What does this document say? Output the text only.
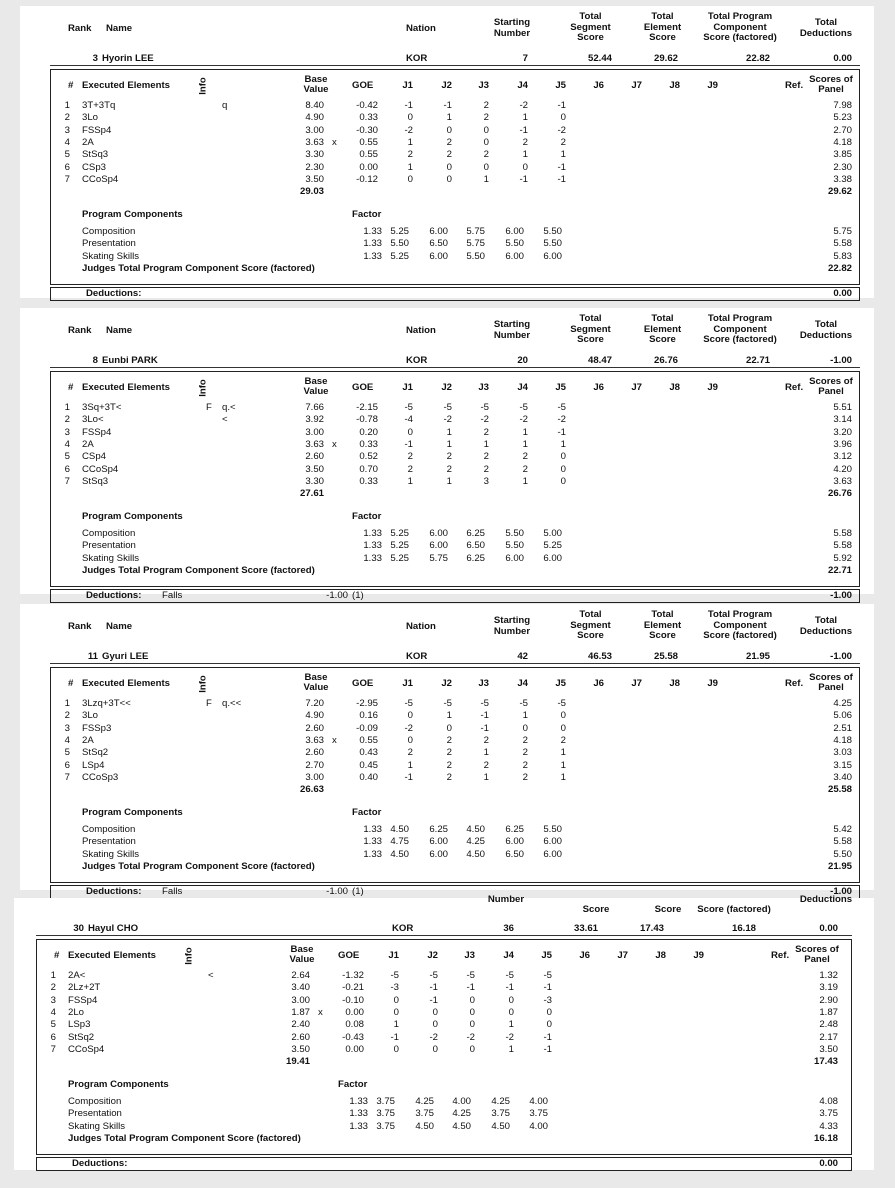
Rank Name	Nation
Starting
Number
Total
Segment
Score
Total
Element
Score
Total Program
Component
Score (factored)
Total
Deductions
3 Hyorin LEE	KOR	7	52.44	29.62	22.82	0.00
# Executed Elements	Info	Base
Value	GOE	J1	J2	J3	J4	J5	J6	J7	J8	J9	Ref.
Scores of
Panel
1 3T+3Tq	q	8.40	-0.42	-1	-1	2	-2	-1	7.98
2 3Lo	4.90	0.33	0	1	2	1	0	5.23
3 FSSp4	3.00	-0.30	-2	0	0	-1	-2	2.70
4 2A	3.63 x	0.55	1	2	0	2	2	4.18
5 StSq3	3.30	0.55	2	2	2	1	1	3.85
6 CSp3	2.30	0.00	1	0	0	0	-1	2.30
7 CCoSp4	3.50	-0.12	0	0	1	-1	-1	3.38
29.03	29.62
Program Components	Factor
Composition	1.33 5.25	6.00	5.75	6.00	5.50	5.75
Presentation	1.33 5.50	6.50	5.75	5.50	5.50	5.58
Skating Skills	1.33 5.25	6.00	5.50	6.00	6.00	5.83
Judges Total Program Component Score (factored)	22.82
Deductions:	0.00
Rank Name	Nation
Starting
Number
Total
Segment
Score
Total
Element
Score
Total Program
Component
Score (factored)
Total
Deductions
8 Eunbi PARK	KOR	20	48.47	26.76	22.71	-1.00
# Executed Elements	Info	Base
Value	GOE	J1	J2	J3	J4	J5	J6	J7	J8	J9	Ref.
Scores of
Panel
1 3Sq+3T<	F q.<	7.66	-2.15	-5	-5	-5	-5	-5	5.51
2 3Lo<	<	3.92	-0.78	-4	-2	-2	-2	-2	3.14
3 FSSp4	3.00	0.20	0	1	2	1	-1	3.20
4 2A	3.63 x	0.33	-1	1	1	1	1	3.96
5 CSp4	2.60	0.52	2	2	2	2	0	3.12
6 CCoSp4	3.50	0.70	2	2	2	2	0	4.20
7 StSq3	3.30	0.33	1	1	3	1	0	3.63
27.61	26.76
Program Components	Factor
Composition	1.33 5.25	6.00	6.25	5.50	5.00	5.58
Presentation	1.33 5.25	6.00	6.50	5.50	5.25	5.58
Skating Skills	1.33 5.25	5.75	6.25	6.00	6.00	5.92
Judges Total Program Component Score (factored)	22.71
Deductions: Falls	-1.00 (1)	-1.00
Rank Name	Nation
Starting
Number
Total
Segment
Score
Total
Element
Score
Total Program
Component
Score (factored)
Total
Deductions
11 Gyuri LEE	KOR	42	46.53	25.58	21.95	-1.00
# Executed Elements	Info	Base
Value	GOE	J1	J2	J3	J4	J5	J6	J7	J8	J9	Ref.
Scores of
Panel
1 3Lzq+3T<<	F q.<<	7.20	-2.95	-5	-5	-5	-5	-5	4.25
2 3Lo	4.90	0.16	0	1	-1	1	0	5.06
3 FSSp3	2.60	-0.09	-2	0	-1	0	0	2.51
4 2A	3.63 x	0.55	0	2	2	2	2	4.18
5 StSq2	2.60	0.43	2	2	1	2	1	3.03
6 LSp4	2.70	0.45	1	2	2	2	1	3.15
7 CCoSp3	3.00	0.40	-1	2	1	2	1	3.40
26.63	25.58
Program Components	Factor
Composition	1.33 4.50	6.25	4.50	6.25	5.50	5.42
Presentation	1.33 4.75	6.00	4.25	6.00	6.00	5.58
Skating Skills	1.33 4.50	6.00	4.50	6.50	6.00	5.50
Judges Total Program Component Score (factored)	21.95
Deductions: Falls	-1.00 (1)	-1.00
Number
Score	Score	Score (factored)
Deductions
30 Hayul CHO	KOR	36	33.61	17.43	16.18	0.00
# Executed Elements	Info	Base
Value	GOE	J1	J2	J3	J4	J5	J6	J7	J8	J9	Ref.
Scores of
Panel
1 2A<	<	2.64	-1.32	-5	-5	-5	-5	-5	1.32
2 2Lz+2T	3.40	-0.21	-3	-1	-1	-1	-1	3.19
3 FSSp4	3.00	-0.10	0	-1	0	0	-3	2.90
4 2Lo	1.87 x	0.00	0	0	0	0	0	1.87
5 LSp3	2.40	0.08	1	0	0	1	0	2.48
6 StSq2	2.60	-0.43	-1	-2	-2	-2	-1	2.17
7 CCoSp4	3.50	0.00	0	0	0	1	-1	3.50
19.41	17.43
Program Components	Factor
Composition	1.33 3.75	4.25	4.00	4.25	4.00	4.08
Presentation	1.33 3.75	3.75	4.25	3.75	3.75	3.75
Skating Skills	1.33 3.75	4.50	4.50	4.50	4.00	4.33
Judges Total Program Component Score (factored)	16.18
Deductions:	0.00
